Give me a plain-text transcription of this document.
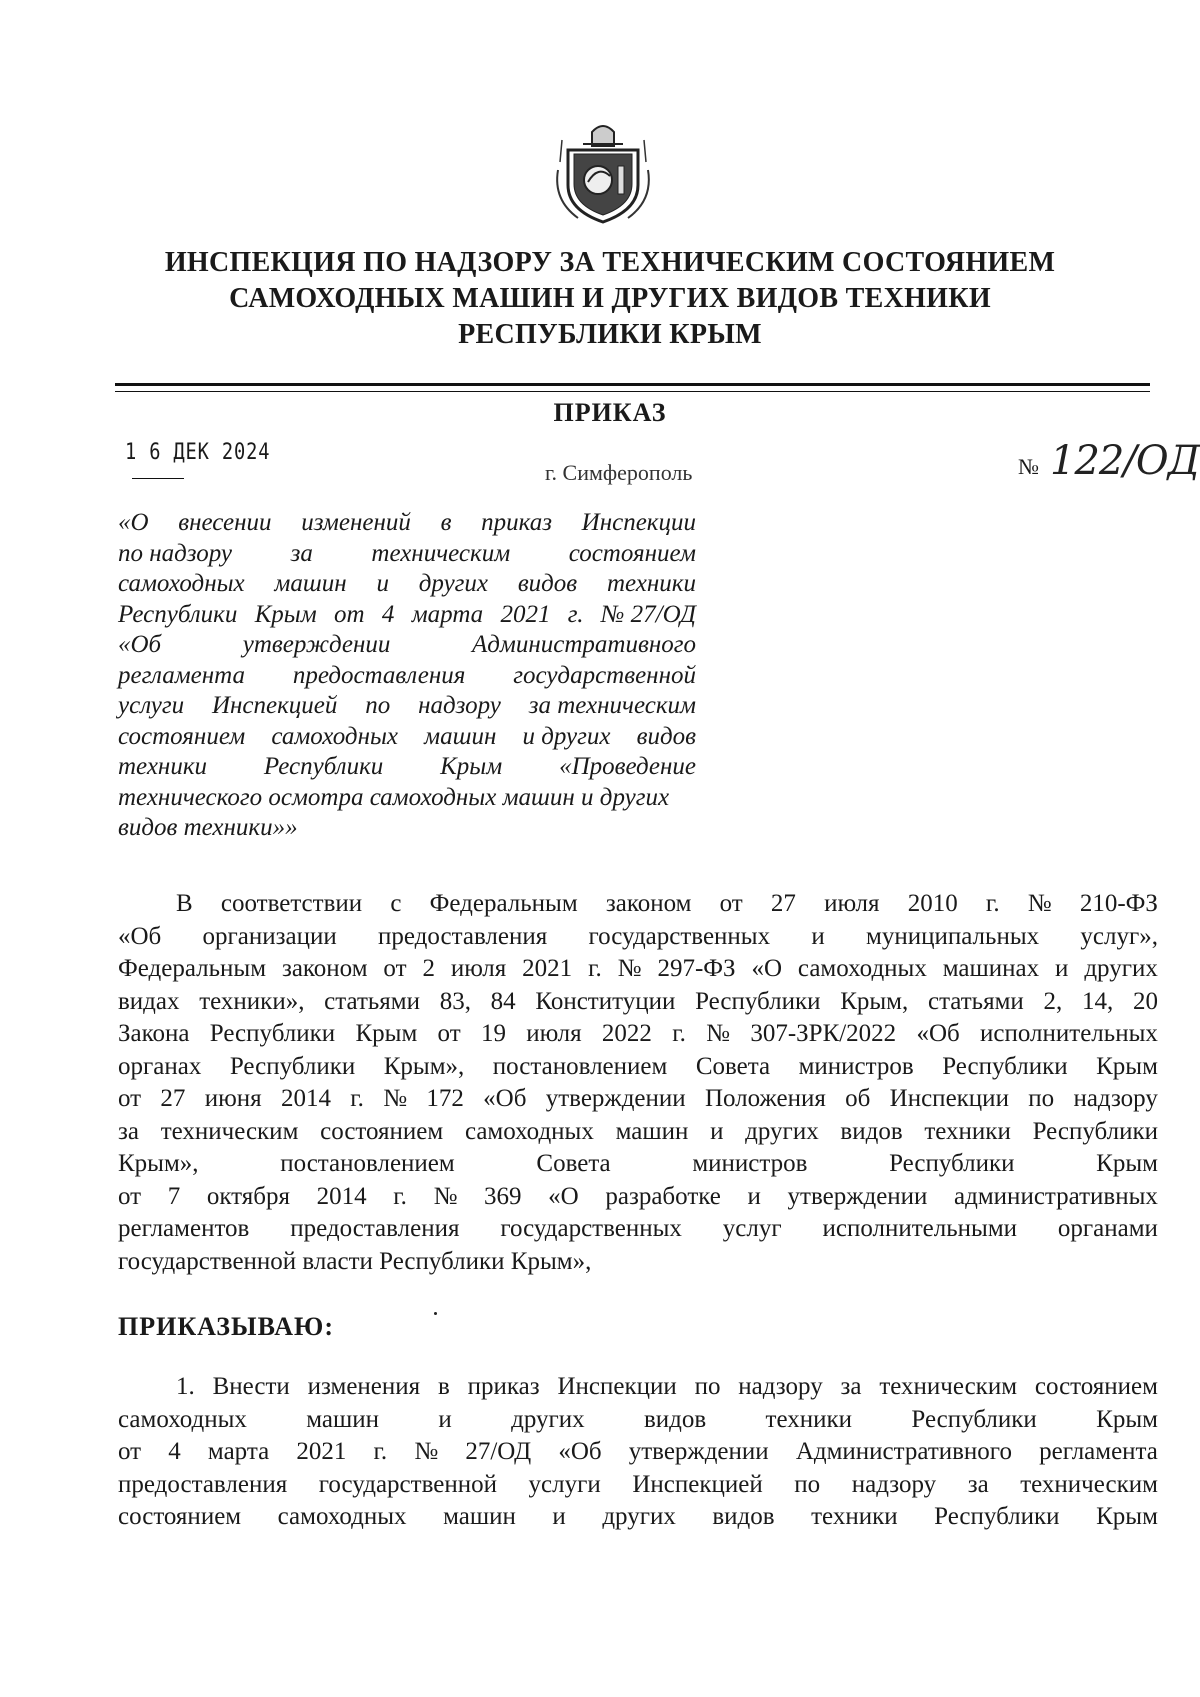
ИНСПЕКЦИЯ ПО НАДЗОРУ ЗА ТЕХНИЧЕСКИМ СОСТОЯНИЕМ
САМОХОДНЫХ МАШИН И ДРУГИХ ВИДОВ ТЕХНИКИ
РЕСПУБЛИКИ КРЫМ
ПРИКАЗ
1 6 ДЕК 2024
г. Симферополь	№ 122/ОД
«О внесении изменений в приказ Инспекции
по надзору за техническим состоянием
самоходных машин и других видов техники
Республики Крым от 4 марта 2021 г. № 27/ОД
«Об	утверждении	Административного
регламента предоставления государственной
услуги Инспекцией по надзору за техническим
состоянием самоходных машин и других видов
техники Республики Крым «Проведение
технического осмотра самоходных машин и других
видов техники»»
В соответствии с Федеральным законом от 27 июля 2010 г. № 210-ФЗ
«Об организации предоставления государственных и муниципальных услуг»,
Федеральным законом от 2 июля 2021 г. № 297-ФЗ «О самоходных машинах и других
видах техники», статьями 83, 84 Конституции Республики Крым, статьями 2, 14, 20
Закона Республики Крым от 19 июля 2022 г. № 307-ЗРК/2022 «Об исполнительных
органах Республики Крым», постановлением Совета министров Республики Крым
от 27 июня 2014 г. № 172 «Об утверждении Положения об Инспекции по надзору
за техническим состоянием самоходных машин и других видов техники Республики
Крым»,	постановлением	Совета	министров	Республики	Крым
от 7 октября 2014 г. № 369 «О разработке и утверждении административных
регламентов предоставления государственных услуг исполнительными органами
государственной власти Республики Крым»,
ПРИКАЗЫВАЮ:
1. Внести изменения в приказ Инспекции по надзору за техническим состоянием
самоходных машин и других видов техники Республики Крым
от 4 марта 2021 г. № 27/ОД «Об утверждении Административного регламента
предоставления государственной услуги Инспекцией по надзору за техническим
состоянием самоходных машин и других видов техники Республики Крым
